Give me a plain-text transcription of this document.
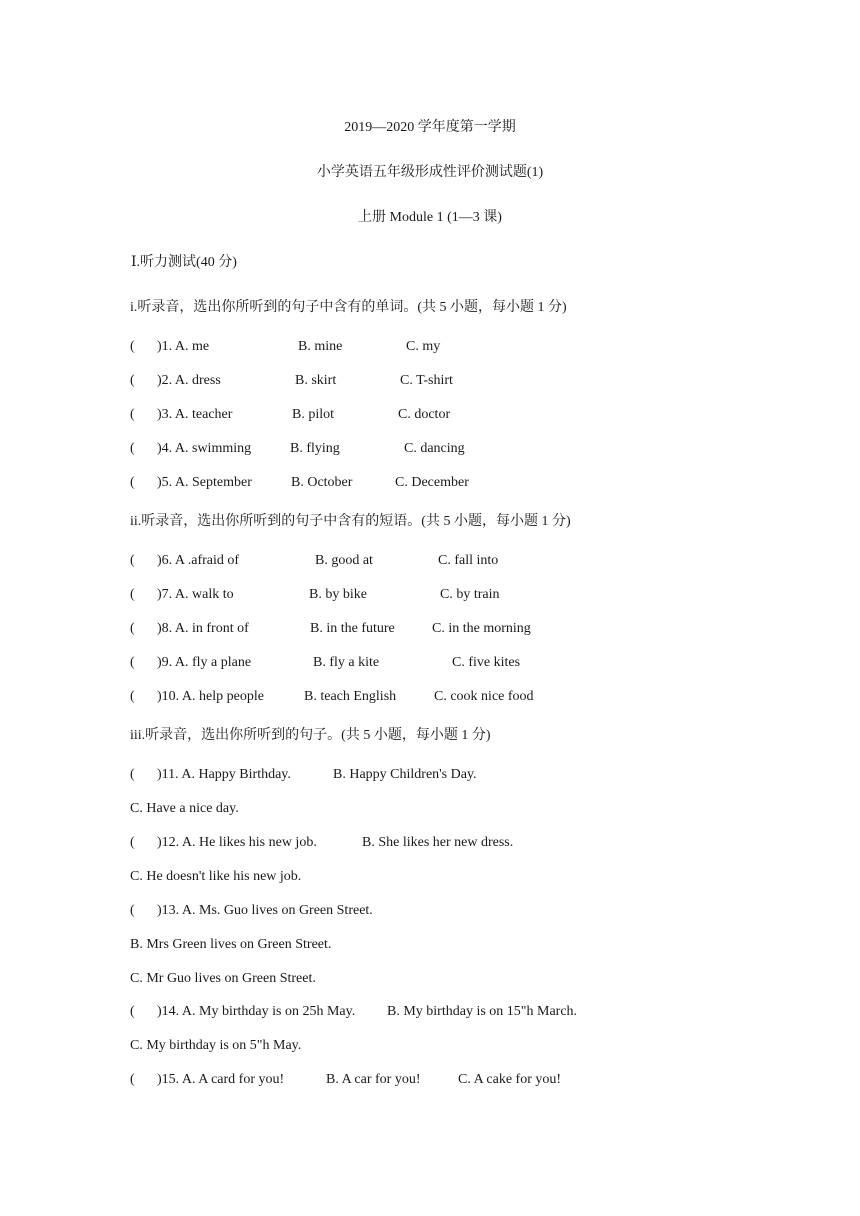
2019—2020 学年度第一学期
小学英语五年级形成性评价测试题(1)
上册 Module 1 (1—3 课)
Ⅰ.听力测试(40 分)
i.听录音，选出你所听到的句子中含有的单词。(共 5 小题，每小题 1 分)
( )1. A. me	B. mine	C. my
( )2. A. dress	B. skirt	C. T-shirt
( )3. A. teacher	B. pilot	C. doctor
( )4. A. swimming	B. flying	C. dancing
( )5. A. September	B. October	C. December
ii.听录音，选出你所听到的句子中含有的短语。(共 5 小题，每小题 1 分)
( )6. A .afraid of	B. good at	C. fall into
( )7. A. walk to	B. by bike	C. by train
( )8. A. in front of	B. in the future	C. in the morning
( )9. A. fly a plane	B. fly a kite	C. five kites
( )10. A. help people	B. teach English	C. cook nice food
iii.听录音，选出你所听到的句子。(共 5 小题，每小题 1 分)
( )11. A. Happy Birthday.	B. Happy Children's Day.
C. Have a nice day.
( )12. A. He likes his new job.	B. She likes her new dress.
C. He doesn't like his new job.
( )13. A. Ms. Guo lives on Green Street.
B. Mrs Green lives on Green Street.
C. Mr Guo lives on Green Street.
( )14. A. My birthday is on 25h May. B. My birthday is on 15"h March.
C. My birthday is on 5"h May.
( )15. A. A card for you!	B. A car for you!	C. A cake for you!
